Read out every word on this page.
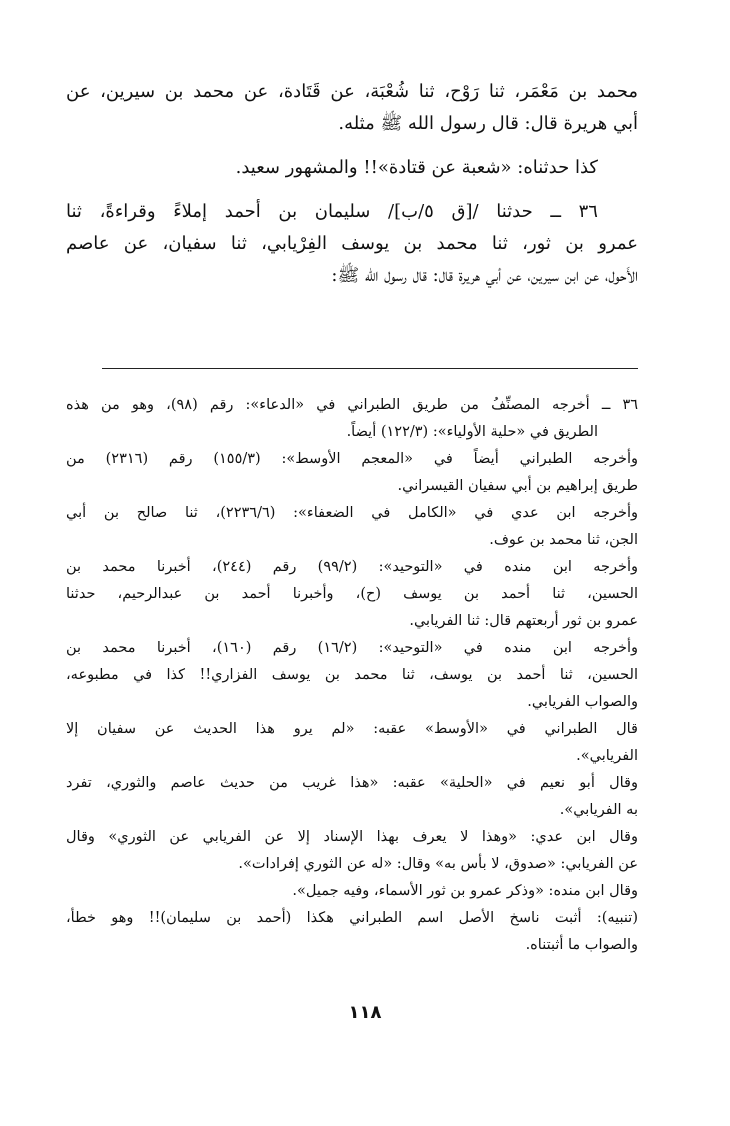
محمد بن مَعْمَر، ثنا رَوْح، ثنا شُعْبَة، عن قَتَادة، عن محمد بن سيرين، عن
أبي هريرة قال: قال رسول الله ﷺ مثله.
كذا حدثناه: «شعبة عن قتادة»!! والمشهور سعيد.
٣٦ ــ حدثنا /[ق ٥/ب]/ سليمان بن أحمد إملاءً وقراءةً، ثنا
عمرو بن ثور، ثنا محمد بن يوسف الفِرْيابي، ثنا سفيان، عن عاصم
الأَحول، عن ابن سيرين، عن أبي هريرة قال: قال رسول الله ﷺ:
٣٦ ــ أخرجه المصنِّفُ من طريق الطبراني في «الدعاء»: رقم (٩٨)، وهو من هذه
الطريق في «حلية الأولياء»: (١٢٢/٣) أيضاً.
وأخرجه الطبراني أيضاً في «المعجم الأوسط»: (١٥٥/٣) رقم (٢٣١٦) من
طريق إبراهيم بن أبي سفيان القيسراني.
وأخرجه ابن عدي في «الكامل في الضعفاء»: (٢٢٣٦/٦)، ثنا صالح بن أبي
الجن، ثنا محمد بن عوف.
وأخرجه ابن منده في «التوحيد»: (٩٩/٢) رقم (٢٤٤)، أخبرنا محمد بن
الحسين، ثنا أحمد بن يوسف (ح)، وأخبرنا أحمد بن عبدالرحيم، حدثنا
عمرو بن ثور أربعتهم قال: ثنا الفريابي.
وأخرجه ابن منده في «التوحيد»: (١٦/٢) رقم (١٦٠)، أخبرنا محمد بن
الحسين، ثنا أحمد بن يوسف، ثنا محمد بن يوسف الفزاري!! كذا في مطبوعه،
والصواب الفريابي.
قال الطبراني في «الأوسط» عقبه: «لم يرو هذا الحديث عن سفيان إلا
الفريابي».
وقال أبو نعيم في «الحلية» عقبه: «هذا غريب من حديث عاصم والثوري، تفرد
به الفريابي».
وقال ابن عدي: «وهذا لا يعرف بهذا الإسناد إلا عن الفريابي عن الثوري» وقال
عن الفريابي: «صدوق، لا بأس به» وقال: «له عن الثوري إفرادات».
وقال ابن منده: «وذكر عمرو بن ثور الأسماء، وفيه جميل».
(تنبيه): أثبت ناسخ الأصل اسم الطبراني هكذا (أحمد بن سليمان)!! وهو خطأ،
والصواب ما أثبتناه.
١١٨
